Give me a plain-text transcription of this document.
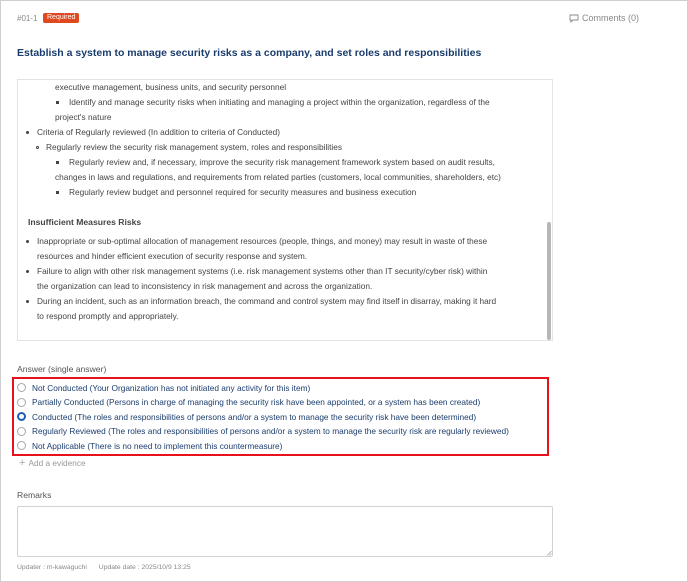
#01-1	Required	Comments (0)
Establish a system to manage security risks as a company, and set roles and responsibilities
executive management, business units, and security personnel
Identify and manage security risks when initiating and managing a project within the organization, regardless of the
project's nature
Criteria of Regularly reviewed (In addition to criteria of Conducted)
Regularly review the security risk management system, roles and responsibilities
Regularly review and, if necessary, improve the security risk management framework system based on audit results,
changes in laws and regulations, and requirements from related parties (customers, local communities, shareholders, etc)
Regularly review budget and personnel required for security measures and business execution
Insufficient Measures Risks
Inappropriate or sub-optimal allocation of management resources (people, things, and money) may result in waste of these
resources and hinder efficient execution of security response and system.
Failure to align with other risk management systems (i.e. risk management systems other than IT security/cyber risk) within
the organization can lead to inconsistency in risk management and across the organization.
During an incident, such as an information breach, the command and control system may find itself in disarray, making it hard
to respond promptly and appropriately.
Answer (single answer)
Not Conducted (Your Organization has not initiated any activity for this item)
Partially Conducted (Persons in charge of managing the security risk have been appointed, or a system has been created)
Conducted (The roles and responsibilities of persons and/or a system to manage the security risk have been determined)
Regularly Reviewed (The roles and responsibilities of persons and/or a system to manage the security risk are regularly reviewed)
Not Applicable (There is no need to implement this countermeasure)
+ Add a evidence
Remarks
Updater : m-kawaguchi Update date : 2025/10/9 13:25
